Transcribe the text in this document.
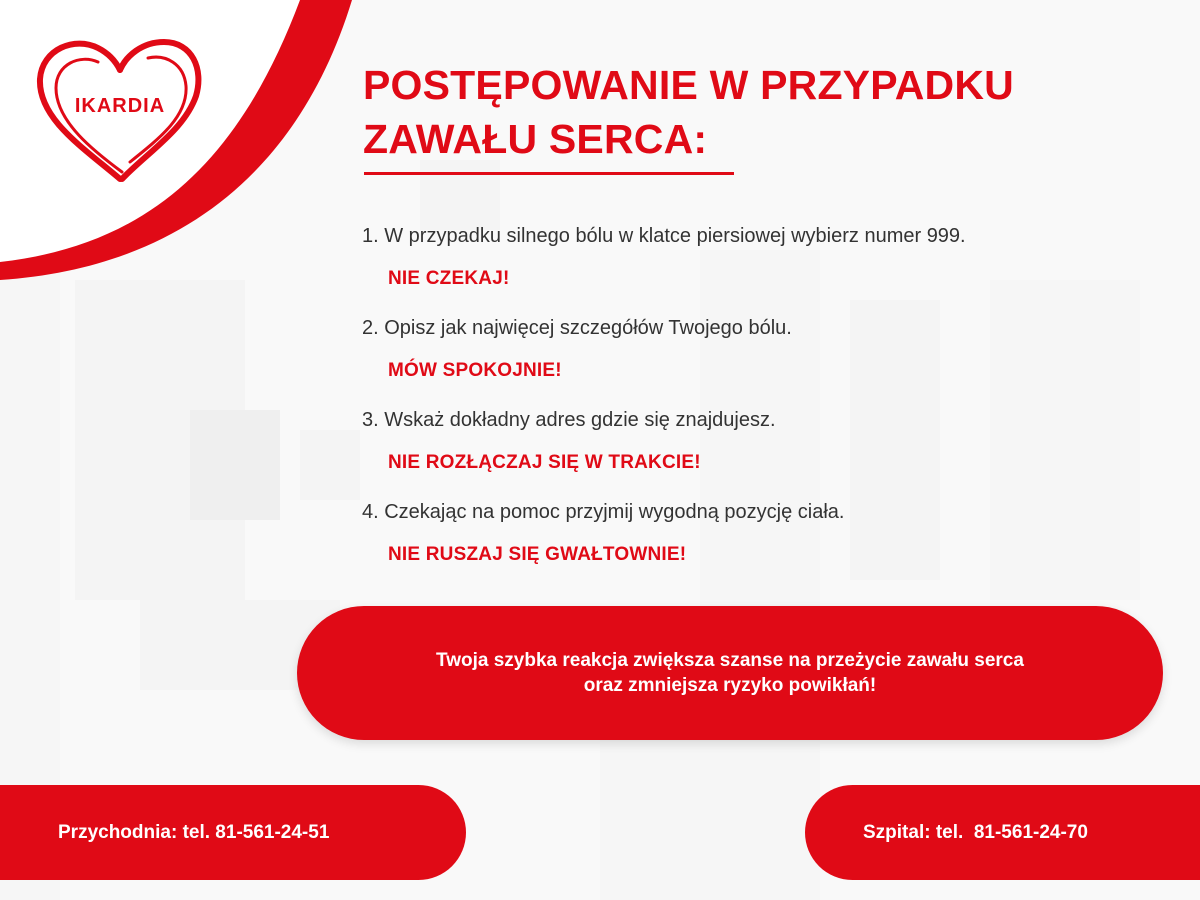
IKARDIA	POSTĘPOWANIE W PRZYPADKU
ZAWAŁU SERCA:
1. W przypadku silnego bólu w klatce piersiowej wybierz numer 999.
NIE CZEKAJ!
2. Opisz jak najwięcej szczegółów Twojego bólu.
MÓW SPOKOJNIE!
3. Wskaż dokładny adres gdzie się znajdujesz.
NIE ROZŁĄCZAJ SIĘ W TRAKCIE!
4. Czekając na pomoc przyjmij wygodną pozycję ciała.
NIE RUSZAJ SIĘ GWAŁTOWNIE!
Twoja szybka reakcja zwiększa szanse na przeżycie zawału serca
oraz zmniejsza ryzyko powikłań!
Przychodnia: tel. 81-561-24-51	Szpital: tel.  81-561-24-70
